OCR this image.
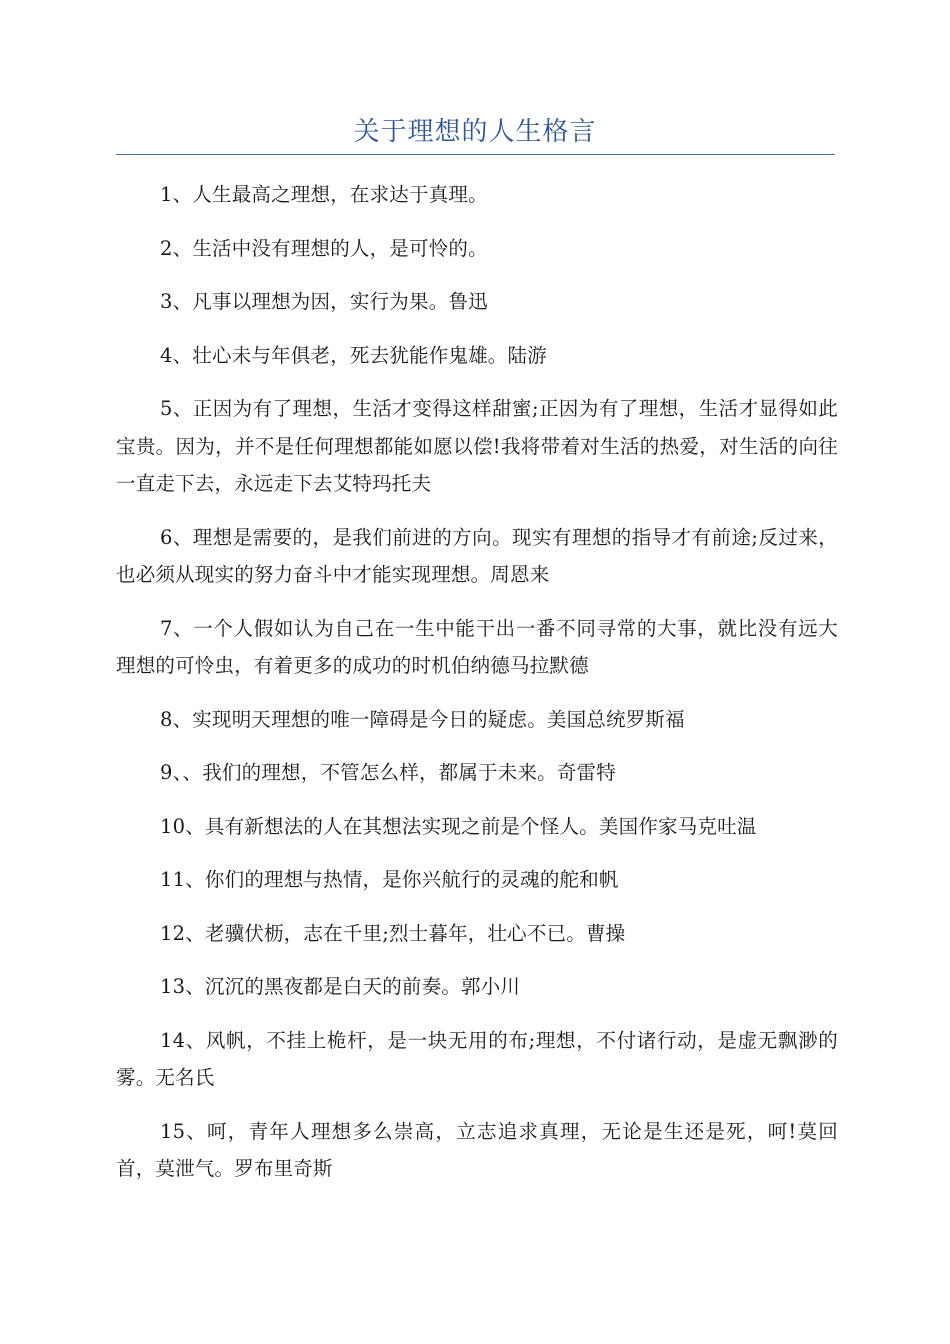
关于理想的人生格言

1、人生最高之理想，在求达于真理。

2、生活中没有理想的人，是可怜的。

3、凡事以理想为因，实行为果。鲁迅

4、壮心未与年俱老，死去犹能作鬼雄。陆游

5、正因为有了理想，生活才变得这样甜蜜;正因为有了理想，生活才显得如此宝贵。因为，并不是任何理想都能如愿以偿!我将带着对生活的热爱，对生活的向往一直走下去，永远走下去艾特玛托夫

6、理想是需要的，是我们前进的方向。现实有理想的指导才有前途;反过来，也必须从现实的努力奋斗中才能实现理想。周恩来

7、一个人假如认为自己在一生中能干出一番不同寻常的大事，就比没有远大理想的可怜虫，有着更多的成功的时机伯纳德马拉默德

8、实现明天理想的唯一障碍是今日的疑虑。美国总统罗斯福

9、、我们的理想，不管怎么样，都属于未来。奇雷特

10、具有新想法的人在其想法实现之前是个怪人。美国作家马克吐温

11、你们的理想与热情，是你兴航行的灵魂的舵和帆

12、老骥伏枥，志在千里;烈士暮年，壮心不已。曹操

13、沉沉的黑夜都是白天的前奏。郭小川

14、风帆，不挂上桅杆，是一块无用的布;理想，不付诸行动，是虚无飘渺的雾。无名氏

15、呵，青年人理想多么崇高，立志追求真理，无论是生还是死，呵!莫回首，莫泄气。罗布里奇斯
